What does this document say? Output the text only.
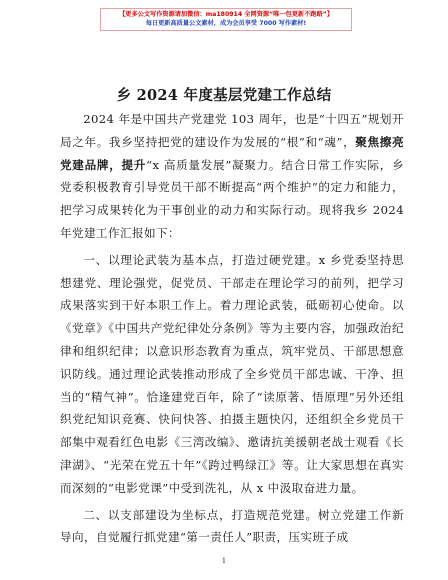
【更多公文写作资源请加微信：ma180914 全网资源“唯一包更新不跑路”】
每日更新高质量公文素材，成为会员享受 7000 写作素材!
乡 2024 年度基层党建工作总结

2024 年是中国共产党建党 103 周年，也是“十四五”规划开局之年。我乡坚持把党的建设作为发展的“根”和“魂”，聚焦擦亮党建品牌，提升“x 高质量发展”凝聚力。结合日常工作实际，乡党委积极教育引导党员干部不断提高“两个维护”的定力和能力，把学习成果转化为干事创业的动力和实际行动。现将我乡 2024 年党建工作汇报如下：

一、以理论武装为基本点，打造过硬党建。x 乡党委坚持思想建党、理论强党，促党员、干部走在理论学习的前列，把学习成果落实到干好本职工作上。着力理论武装，砥砺初心使命。以《党章》《中国共产党纪律处分条例》等为主要内容，加强政治纪律和组织纪律；以意识形态教育为重点，筑牢党员、干部思想意识防线。通过理论武装推动形成了全乡党员干部忠诚、干净、担当的“精气神”。恰逢建党百年，除了“读原著、悟原理”另外还组织党纪知识竞赛、快问快答、拍摄主题快闪，还组织全乡党员干部集中观看红色电影《三湾改编》、邀请抗美援朝老战士观看《长津湖》、“光荣在党五十年”《跨过鸭绿江》等。让大家思想在真实而深刻的“电影党课”中受到洗礼，从 x 中汲取奋进力量。

二、以支部建设为坐标点，打造规范党建。树立党建工作新导向，自觉履行抓党建“第一责任人”职责，压实班子成

1
